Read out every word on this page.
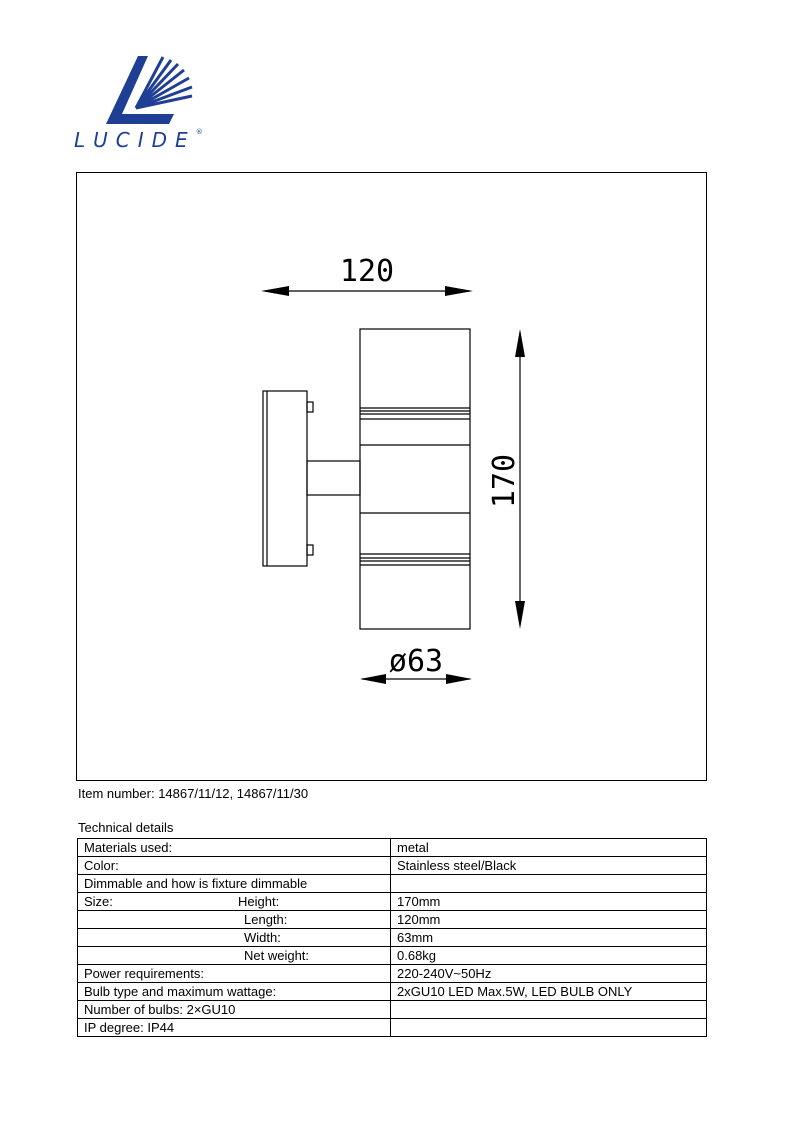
LUCIDE®
120
170
ø63
Item number: 14867/11/12, 14867/11/30
Technical details
Materials used:	metal
Color:	Stainless steel/Black
Dimmable and how is fixture dimmable	
Size: Height:	170mm
Length:	120mm
Width:	63mm
Net weight:	0.68kg
Power requirements:	220-240V~50Hz
Bulb type and maximum wattage:	2xGU10 LED Max.5W, LED BULB ONLY
Number of bulbs: 2×GU10	
IP degree: IP44	
